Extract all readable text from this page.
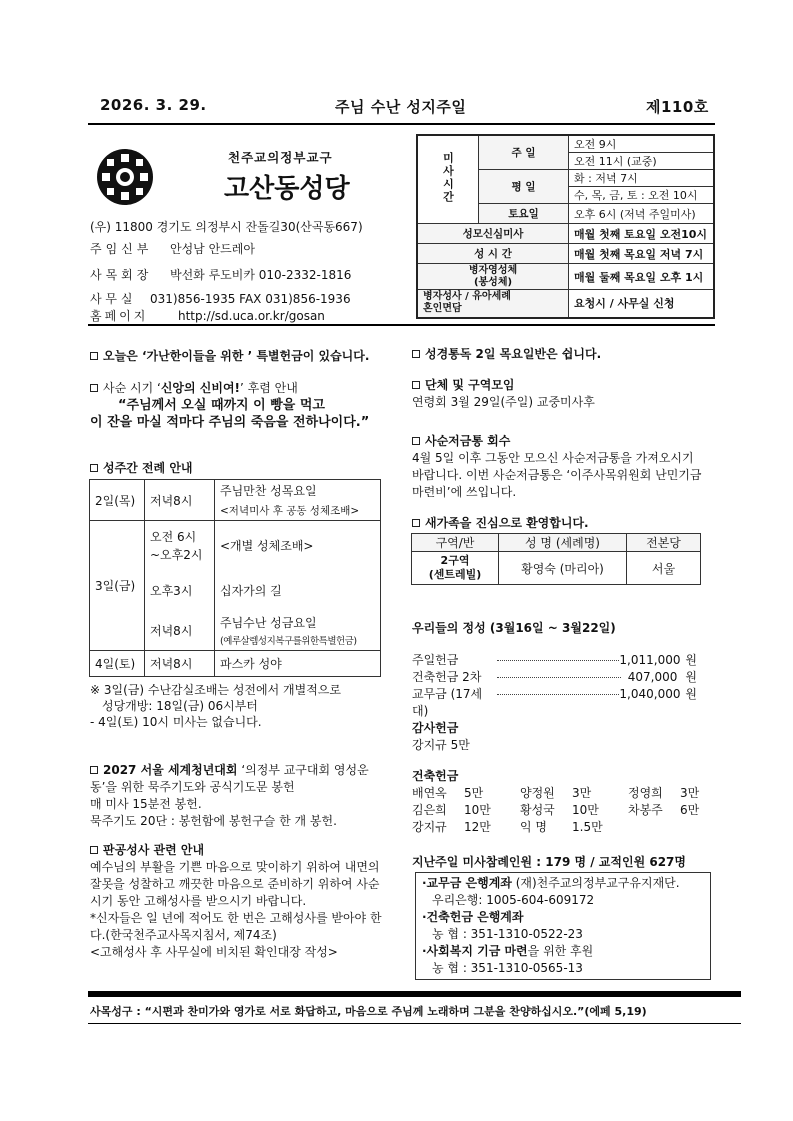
2026. 3. 29.	주님 수난 성지주일	제110호
천주교의정부교구
고산동성당
(우) 11800 경기도 의정부시 잔돌길30(산곡동667)
주임신부 안성남 안드레아
사목회장 박선화 루도비카 010-2332-1816
사 무 실 031)856-1935 FAX 031)856-1936
홈페이지 http://sd.uca.or.kr/gosan
미사시간	주 일	오전 9시
		오전 11시 (교중)
	평 일	화 : 저녁 7시
		수, 목, 금, 토 : 오전 10시
	토요일	오후 6시 (저녁 주일미사)
성모신심미사		매월 첫째 토요일 오전10시
성 시 간		매월 첫째 목요일 저녁 7시
병자영성체
(봉성체)		매월 둘째 목요일 오후 1시
병자성사 / 유아세례
혼인면담		요청시 / 사무실 신청
오늘은 ‘가난한이들을 위한 ’ 특별헌금이 있습니다.
사순 시기 ‘신앙의 신비여!’ 후렴 안내
“주님께서 오실 때까지 이 빵을 먹고
이 잔을 마실 적마다 주님의 죽음을 전하나이다.”
성주간 전례 안내
2일(목)	저녁8시	주님만찬 성목요일
<저녁미사 후 공동 성체조배>

3일(금)	오전 6시
~오후2시	<개별 성체조배>
	오후3시	십자가의 길
	저녁8시	주님수난 성금요일
(예루살렘성지복구를위한특별헌금)

4일(토)	저녁8시	파스카 성야
※ 3일(금) 수난감실조배는 성전에서 개별적으로
성당개방: 18일(금) 06시부터
- 4일(토) 10시 미사는 없습니다.
2027 서울 세계청년대회 ‘의정부 교구대회 영성운동’을 위한 묵주기도와 공식기도문 봉헌
매 미사 15분전 봉헌.
묵주기도 20단 : 봉헌함에 봉헌구슬 한 개 봉헌.
판공성사 관련 안내
예수님의 부활을 기쁜 마음으로 맞이하기 위하여 내면의 잘못을 성찰하고 깨끗한 마음으로 준비하기 위하여 사순시기 동안 고해성사를 받으시기 바랍니다.
*신자들은 일 년에 적어도 한 번은 고해성사를 받아야 한다.(한국천주교사목지침서, 제74조)
<고해성사 후 사무실에 비치된 확인대장 작성>
성경통독 2일 목요일반은 쉽니다.
단체 및 구역모임
연령회 3월 29일(주일) 교중미사후
사순저금통 회수
4월 5일 이후 그동안 모으신 사순저금통을 가져오시기 바랍니다. 이번 사순저금통은 ‘이주사목위원회 난민기금 마련비’에 쓰입니다.
새가족을 진심으로 환영합니다.
구역/반	성 명 (세례명)	전본당
2구역
(센트레빌)	황영숙 (마리아)	서울
우리들의 정성 (3월16일 ~ 3월22일)
주일헌금	1,011,000 원
건축헌금 2차	407,000 원
교무금 (17세대)
1,040,000 원
감사헌금
강지규 5만
건축헌금
배연옥	5만	양정원	3만	정영희	3만
김은희	10만	황성국	10만	차봉주	6만
강지규	12만	익 명	1.5만
지난주일 미사참례인원 : 179 명 / 교적인원 627명
·교무금 은행계좌 (재)천주교의정부교구유지재단.
우리은행: 1005-604-609172
·건축헌금 은행계좌
농 협 : 351-1310-0522-23
·사회복지 기금 마련을 위한 후원
농 협 : 351-1310-0565-13
사목성구 : “시편과 찬미가와 영가로 서로 화답하고, 마음으로 주님께 노래하며 그분을 찬양하십시오.”(에페 5,19)
